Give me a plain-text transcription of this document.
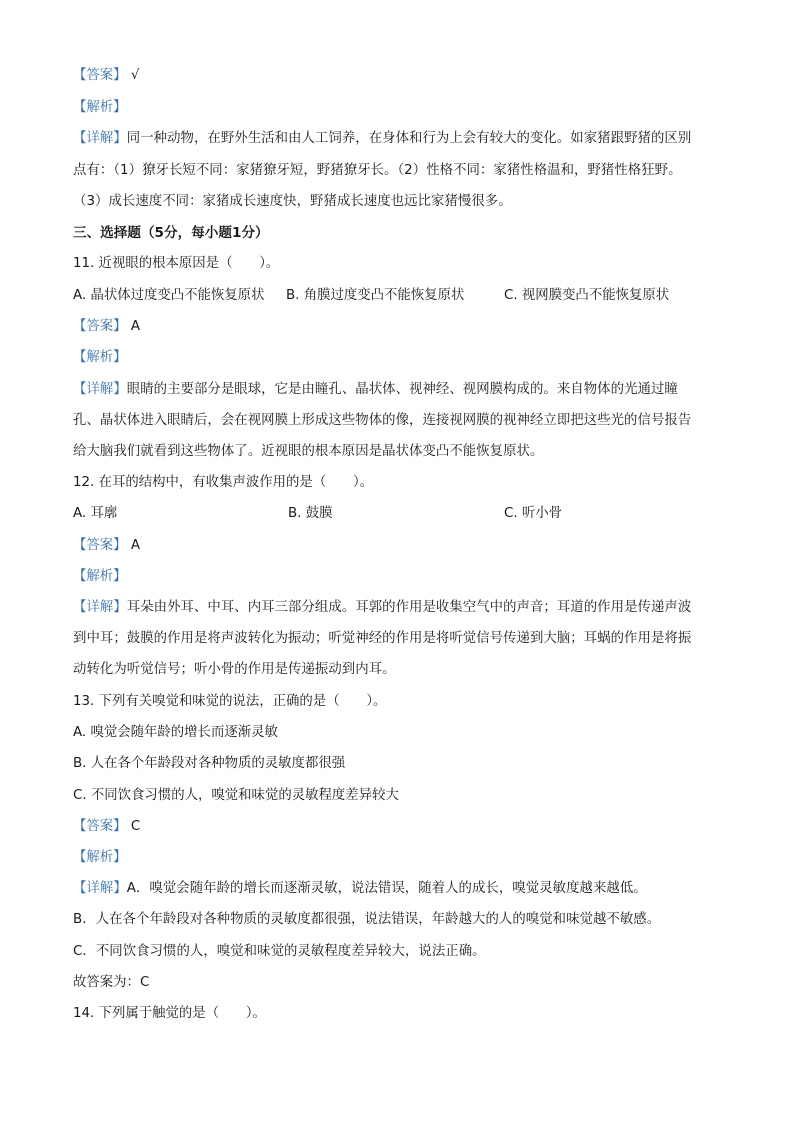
【答案】 √
【解析】
【详解】同一种动物，在野外生活和由人工饲养，在身体和行为上会有较大的变化。如家猪跟野猪的区别
点有：（1）獠牙长短不同：家猪獠牙短，野猪獠牙长。（2）性格不同：家猪性格温和，野猪性格狂野。
（3）成长速度不同：家猪成长速度快，野猪成长速度也远比家猪慢很多。
三、选择题（5分，每小题1分）
11. 近视眼的根本原因是（　　）。
A. 晶状体过度变凸不能恢复原状 B. 角膜过度变凸不能恢复原状	C. 视网膜变凸不能恢复原状
【答案】 A
【解析】
【详解】眼睛的主要部分是眼球，它是由瞳孔、晶状体、视神经、视网膜构成的。来自物体的光通过瞳
孔、晶状体进入眼睛后，会在视网膜上形成这些物体的像，连接视网膜的视神经立即把这些光的信号报告
给大脑我们就看到这些物体了。近视眼的根本原因是晶状体变凸不能恢复原状。
12. 在耳的结构中，有收集声波作用的是（　　）。
A. 耳廓	B. 鼓膜	C. 听小骨
【答案】 A
【解析】
【详解】耳朵由外耳、中耳、内耳三部分组成。耳郭的作用是收集空气中的声音；耳道的作用是传递声波
到中耳；鼓膜的作用是将声波转化为振动；听觉神经的作用是将听觉信号传递到大脑；耳蜗的作用是将振
动转化为听觉信号；听小骨的作用是传递振动到内耳。
13. 下列有关嗅觉和味觉的说法，正确的是（　　）。
A. 嗅觉会随年龄的增长而逐渐灵敏
B. 人在各个年龄段对各种物质的灵敏度都很强
C. 不同饮食习惯的人，嗅觉和味觉的灵敏程度差异较大
【答案】 C
【解析】
【详解】A．嗅觉会随年龄的增长而逐渐灵敏，说法错误，随着人的成长，嗅觉灵敏度越来越低。
B．人在各个年龄段对各种物质的灵敏度都很强，说法错误，年龄越大的人的嗅觉和味觉越不敏感。
C．不同饮食习惯的人，嗅觉和味觉的灵敏程度差异较大，说法正确。
故答案为：C
14. 下列属于触觉的是（　　）。
